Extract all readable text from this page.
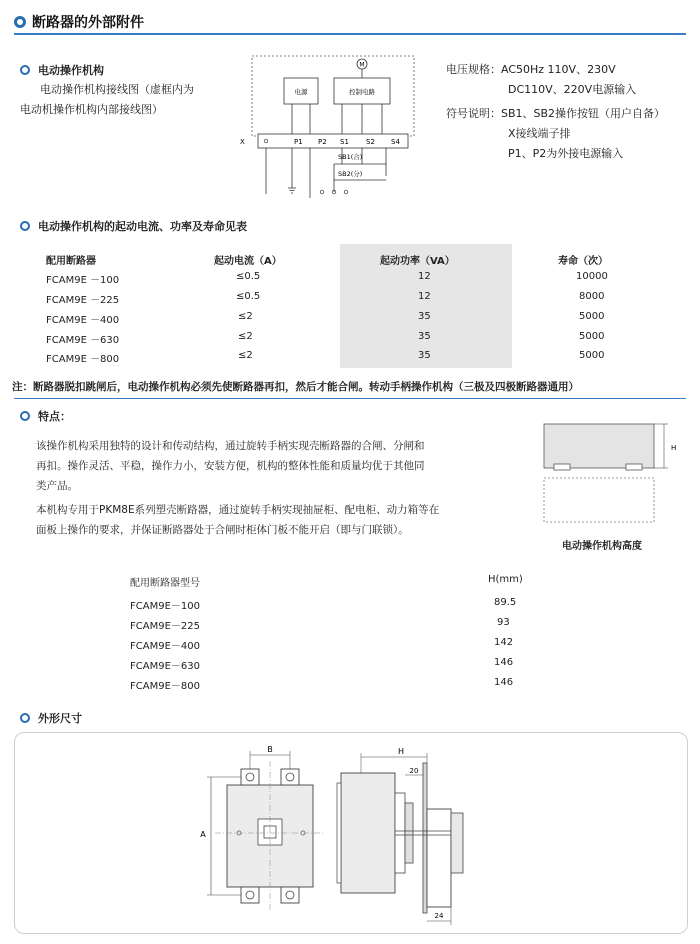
断路器的外部附件
电动操作机构
电动操作机构接线图（虚框内为
电动机操作机构内部接线图）
M
电源	控制电路
X	P1 P2 S1 S2 S4
SB1(合)
SB2(分)
电压规格：AC50Hz 110V、230V
DC110V、220V电源输入
符号说明：SB1、SB2操作按钮（用户自备）
X接线端子排
P1、P2为外接电源输入
电动操作机构的起动电流、功率及寿命见表
配用断路器	起动电流（A）	起动功率（VA）	寿命（次）
FCAM9E －100	≤0.5	12	10000
FCAM9E －225	≤0.5	12	8000
FCAM9E －400	≤2	35	5000
FCAM9E －630	≤2	35	5000
FCAM9E －800	≤2	35	5000
注：断路器脱扣跳闸后，电动操作机构必须先使断路器再扣，然后才能合闸。转动手柄操作机构（三极及四极断路器通用）
特点：
该操作机构采用独特的设计和传动结构，通过旋转手柄实现壳断路器的合闸、分闸和
再扣。操作灵活、平稳，操作力小，安装方便，机构的整体性能和质量均优于其他同
类产品。
本机构专用于PKM8E系列塑壳断路器，通过旋转手柄实现抽屉柜、配电柜、动力箱等在
面板上操作的要求，并保证断路器处于合闸时柜体门板不能开启（即与门联锁）。
H
电动操作机构高度
配用断路器型号	H(mm)
FCAM9E－100	89.5
FCAM9E－225	93
FCAM9E－400	142
FCAM9E－630	146
FCAM9E－800	146
外形尺寸
B
A
H
20
24
